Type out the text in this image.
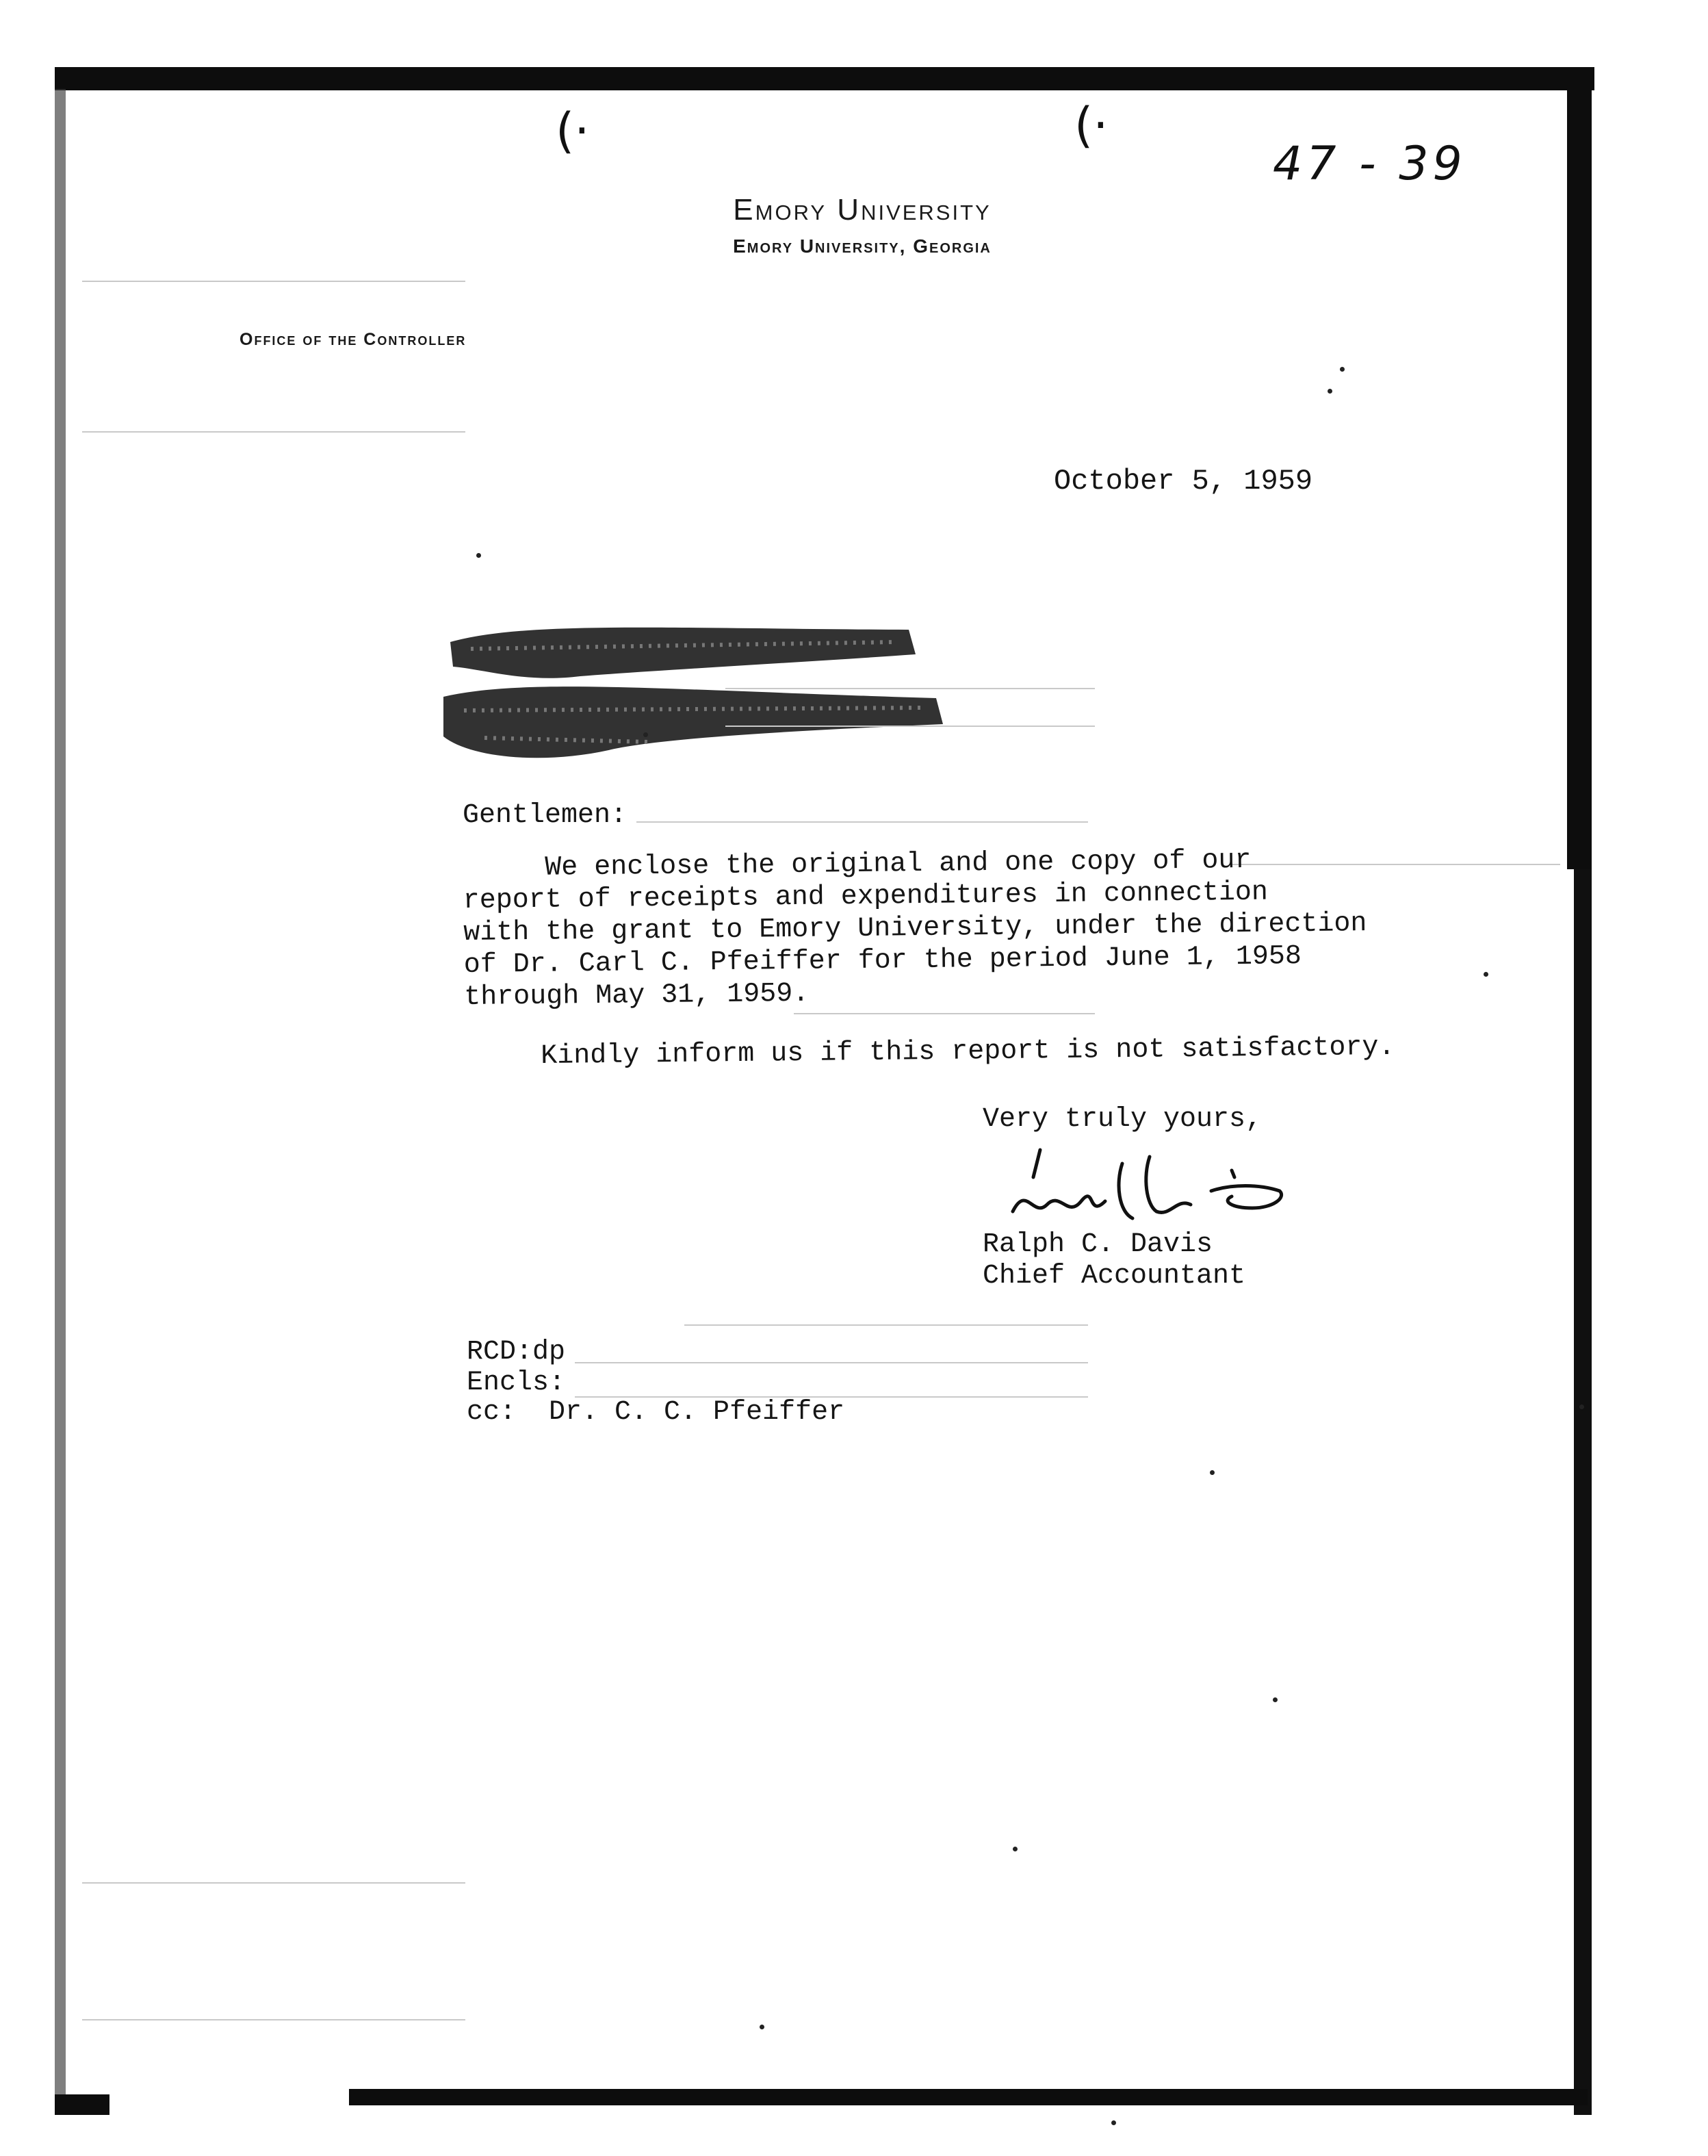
(·	(·
47 - 39
Emory University
Emory University, Georgia
Office of the Controller
October 5, 1959
Gentlemen:
We enclose the original and one copy of our
report of receipts and expenditures in connection
with the grant to Emory University, under the direction
of Dr. Carl C. Pfeiffer for the period June 1, 1958
through May 31, 1959.
Kindly inform us if this report is not satisfactory.
Very truly yours,
Ralph C. Davis
Chief Accountant
RCD:dp
Encls:
cc:  Dr. C. C. Pfeiffer
